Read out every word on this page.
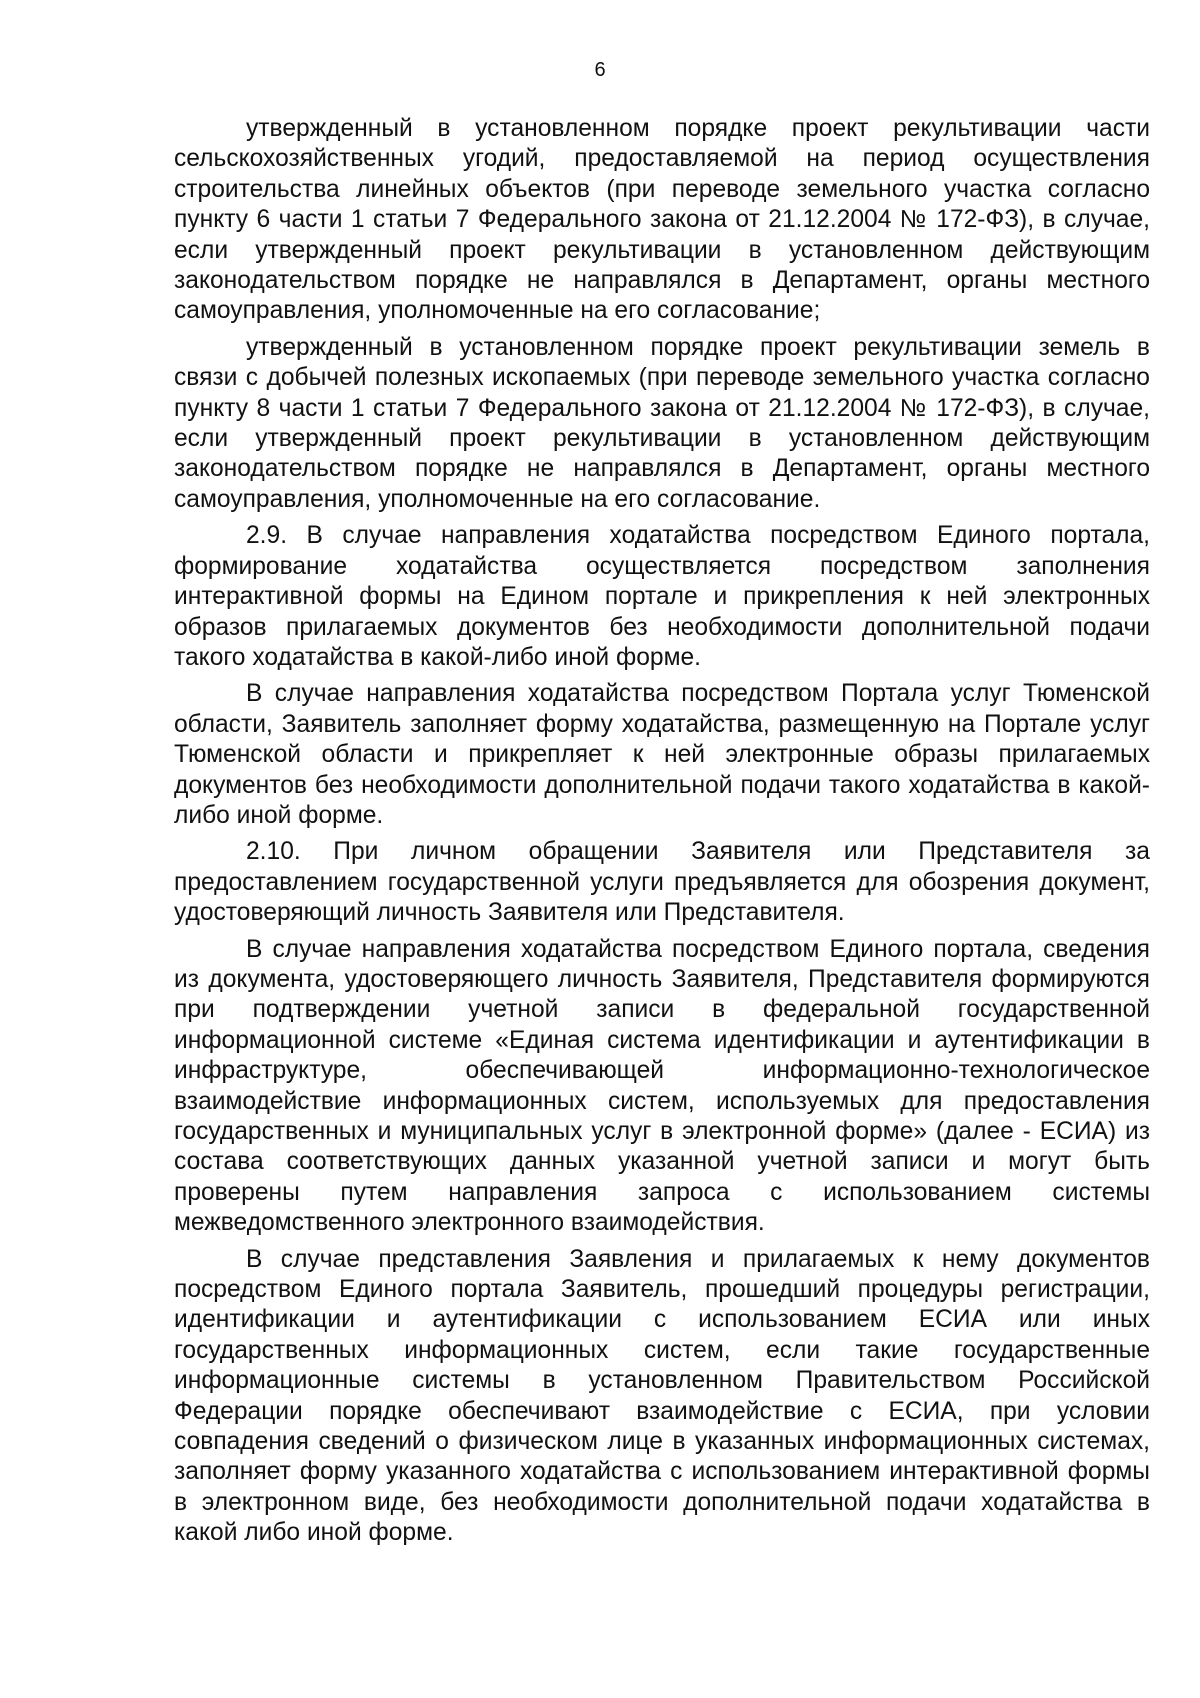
6

утвержденный в установленном порядке проект рекультивации части сельскохозяйственных угодий, предоставляемой на период осуществления строительства линейных объектов (при переводе земельного участка согласно пункту 6 части 1 статьи 7 Федерального закона от 21.12.2004 № 172-ФЗ), в случае, если утвержденный проект рекультивации в установленном действующим законодательством порядке не направлялся в Департамент, органы местного самоуправления, уполномоченные на его согласование;

утвержденный в установленном порядке проект рекультивации земель в связи с добычей полезных ископаемых (при переводе земельного участка согласно пункту 8 части 1 статьи 7 Федерального закона от 21.12.2004 № 172-ФЗ), в случае, если утвержденный проект рекультивации в установленном действующим законодательством порядке не направлялся в Департамент, органы местного самоуправления, уполномоченные на его согласование.

2.9. В случае направления ходатайства посредством Единого портала, формирование ходатайства осуществляется посредством заполнения интерактивной формы на Едином портале и прикрепления к ней электронных образов прилагаемых документов без необходимости дополнительной подачи такого ходатайства в какой-либо иной форме.

В случае направления ходатайства посредством Портала услуг Тюменской области, Заявитель заполняет форму ходатайства, размещенную на Портале услуг Тюменской области и прикрепляет к ней электронные образы прилагаемых документов без необходимости дополнительной подачи такого ходатайства в какой-либо иной форме.

2.10. При личном обращении Заявителя или Представителя за предоставлением государственной услуги предъявляется для обозрения документ, удостоверяющий личность Заявителя или Представителя.

В случае направления ходатайства посредством Единого портала, сведения из документа, удостоверяющего личность Заявителя, Представителя формируются при подтверждении учетной записи в федеральной государственной информационной системе «Единая система идентификации и аутентификации в инфраструктуре, обеспечивающей информационно-технологическое взаимодействие информационных систем, используемых для предоставления государственных и муниципальных услуг в электронной форме» (далее - ЕСИА) из состава соответствующих данных указанной учетной записи и могут быть проверены путем направления запроса с использованием системы межведомственного электронного взаимодействия.

В случае представления Заявления и прилагаемых к нему документов посредством Единого портала Заявитель, прошедший процедуры регистрации, идентификации и аутентификации с использованием ЕСИА или иных государственных информационных систем, если такие государственные информационные системы в установленном Правительством Российской Федерации порядке обеспечивают взаимодействие с ЕСИА, при условии совпадения сведений о физическом лице в указанных информационных системах, заполняет форму указанного ходатайства с использованием интерактивной формы в электронном виде, без необходимости дополнительной подачи ходатайства в какой либо иной форме.
